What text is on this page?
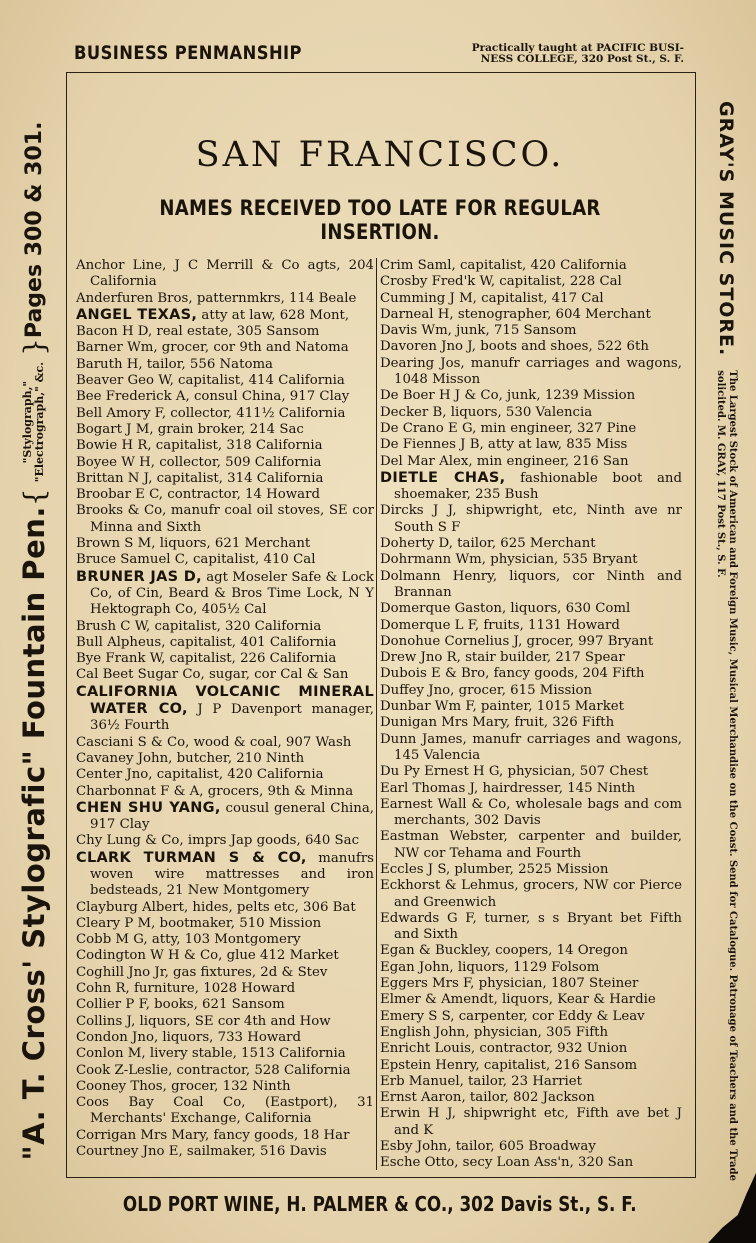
BUSINESS PENMANSHIP	Practically taught at PACIFIC BUSI-
NESS COLLEGE, 320 Post St., S. F.
"A. T. Cross' Stylografic" Fountain Pen.
{
"Stylograph,"
"Electrograph," &c.
}
Pages 300 & 301.	GRAY'S MUSIC STORE.
The Largest Stock of American and Foreign Music, Musical Merchandise on the Coast. Send for Catalogue. Patronage of Teachers and the Trade solicited. M. GRAY, 117 Post St., S. F.
SAN FRANCISCO.
NAMES RECEIVED TOO LATE FOR REGULAR INSERTION.
Anchor Line, J C Merrill & Co agts, 204 California
Anderfuren Bros, patternmkrs, 114 Beale
ANGEL TEXAS, atty at law, 628 Mont,
Bacon H D, real estate, 305 Sansom
Barner Wm, grocer, cor 9th and Natoma
Baruth H, tailor, 556 Natoma
Beaver Geo W, capitalist, 414 California
Bee Frederick A, consul China, 917 Clay
Bell Amory F, collector, 411½ California
Bogart J M, grain broker, 214 Sac
Bowie H R, capitalist, 318 California
Boyee W H, collector, 509 California
Brittan N J, capitalist, 314 California
Broobar E C, contractor, 14 Howard
Brooks & Co, manufr coal oil stoves, SE cor Minna and Sixth
Brown S M, liquors, 621 Merchant
Bruce Samuel C, capitalist, 410 Cal
BRUNER JAS D, agt Moseler Safe & Lock Co, of Cin, Beard & Bros Time Lock, N Y Hektograph Co, 405½ Cal
Brush C W, capitalist, 320 California
Bull Alpheus, capitalist, 401 California
Bye Frank W, capitalist, 226 California
Cal Beet Sugar Co, sugar, cor Cal & San
CALIFORNIA VOLCANIC MINERAL WATER CO, J P Davenport manager, 36½ Fourth
Casciani S & Co, wood & coal, 907 Wash
Cavaney John, butcher, 210 Ninth
Center Jno, capitalist, 420 California
Charbonnat F & A, grocers, 9th & Minna
CHEN SHU YANG, cousul general China, 917 Clay
Chy Lung & Co, imprs Jap goods, 640 Sac
CLARK TURMAN S & CO, manufrs woven wire mattresses and iron bedsteads, 21 New Montgomery
Clayburg Albert, hides, pelts etc, 306 Bat
Cleary P M, bootmaker, 510 Mission
Cobb M G, atty, 103 Montgomery
Codington W H & Co, glue 412 Market
Coghill Jno Jr, gas fixtures, 2d & Stev
Cohn R, furniture, 1028 Howard
Collier P F, books, 621 Sansom
Collins J, liquors, SE cor 4th and How
Condon Jno, liquors, 733 Howard
Conlon M, livery stable, 1513 California
Cook Z-Leslie, contractor, 528 California
Cooney Thos, grocer, 132 Ninth
Coos Bay Coal Co, (Eastport), 31 Merchants' Exchange, California
Corrigan Mrs Mary, fancy goods, 18 Har
Courtney Jno E, sailmaker, 516 Davis
Crim Saml, capitalist, 420 California
Crosby Fred'k W, capitalist, 228 Cal
Cumming J M, capitalist, 417 Cal
Darneal H, stenographer, 604 Merchant
Davis Wm, junk, 715 Sansom
Davoren Jno J, boots and shoes, 522 6th
Dearing Jos, manufr carriages and wagons, 1048 Misson
De Boer H J & Co, junk, 1239 Mission
Decker B, liquors, 530 Valencia
De Crano E G, min engineer, 327 Pine
De Fiennes J B, atty at law, 835 Miss
Del Mar Alex, min engineer, 216 San
DIETLE CHAS, fashionable boot and shoemaker, 235 Bush
Dircks J J, shipwright, etc, Ninth ave nr South S F
Doherty D, tailor, 625 Merchant
Dohrmann Wm, physician, 535 Bryant
Dolmann Henry, liquors, cor Ninth and Brannan
Domerque Gaston, liquors, 630 Coml
Domerque L F, fruits, 1131 Howard
Donohue Cornelius J, grocer, 997 Bryant
Drew Jno R, stair builder, 217 Spear
Dubois E & Bro, fancy goods, 204 Fifth
Duffey Jno, grocer, 615 Mission
Dunbar Wm F, painter, 1015 Market
Dunigan Mrs Mary, fruit, 326 Fifth
Dunn James, manufr carriages and wagons, 145 Valencia
Du Py Ernest H G, physician, 507 Chest
Earl Thomas J, hairdresser, 145 Ninth
Earnest Wall & Co, wholesale bags and com merchants, 302 Davis
Eastman Webster, carpenter and builder, NW cor Tehama and Fourth
Eccles J S, plumber, 2525 Mission
Eckhorst & Lehmus, grocers, NW cor Pierce and Greenwich
Edwards G F, turner, s s Bryant bet Fifth and Sixth
Egan & Buckley, coopers, 14 Oregon
Egan John, liquors, 1129 Folsom
Eggers Mrs F, physician, 1807 Steiner
Elmer & Amendt, liquors, Kear & Hardie
Emery S S, carpenter, cor Eddy & Leav
English John, physician, 305 Fifth
Enricht Louis, contractor, 932 Union
Epstein Henry, capitalist, 216 Sansom
Erb Manuel, tailor, 23 Harriet
Ernst Aaron, tailor, 802 Jackson
Erwin H J, shipwright etc, Fifth ave bet J and K
Esby John, tailor, 605 Broadway
Esche Otto, secy Loan Ass'n, 320 San
OLD PORT WINE, H. PALMER & CO., 302 Davis St., S. F.
